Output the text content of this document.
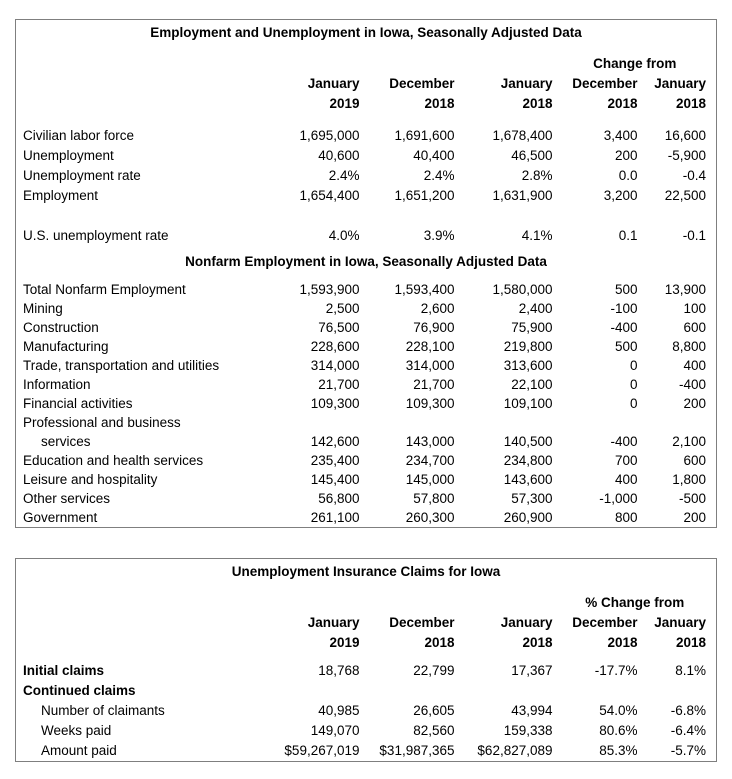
Employment and Unemployment in Iowa, Seasonally Adjusted Data					

				Change from	
	January	December	January	December	January
	2019	2018	2018	2018	2018

Civilian labor force	1,695,000	1,691,600	1,678,400	3,400	16,600
Unemployment	40,600	40,400	46,500	200	-5,900
Unemployment rate	2.4%	2.4%	2.8%	0.0	-0.4
Employment	1,654,400	1,651,200	1,631,900	3,200	22,500

U.S. unemployment rate	4.0%	3.9%	4.1%	0.1	-0.1

Nonfarm Employment in Iowa, Seasonally Adjusted Data					

Total Nonfarm Employment	1,593,900	1,593,400	1,580,000	500	13,900
Mining	2,500	2,600	2,400	-100	100
Construction	76,500	76,900	75,900	-400	600
Manufacturing	228,600	228,100	219,800	500	8,800
Trade, transportation and utilities	314,000	314,000	313,600	0	400
Information	21,700	21,700	22,100	0	-400
Financial activities	109,300	109,300	109,100	0	200
Professional and business					
services	142,600	143,000	140,500	-400	2,100
Education and health services	235,400	234,700	234,800	700	600
Leisure and hospitality	145,400	145,000	143,600	400	1,800
Other services	56,800	57,800	57,300	-1,000	-500
Government	261,100	260,300	260,900	800	200
Unemployment Insurance Claims for Iowa					

				% Change from	
	January	December	January	December	January
	2019	2018	2018	2018	2018

Initial claims	18,768	22,799	17,367	-17.7%	8.1%
Continued claims					
Number of claimants	40,985	26,605	43,994	54.0%	-6.8%
Weeks paid	149,070	82,560	159,338	80.6%	-6.4%
Amount paid	$59,267,019	$31,987,365	$62,827,089	85.3%	-5.7%
